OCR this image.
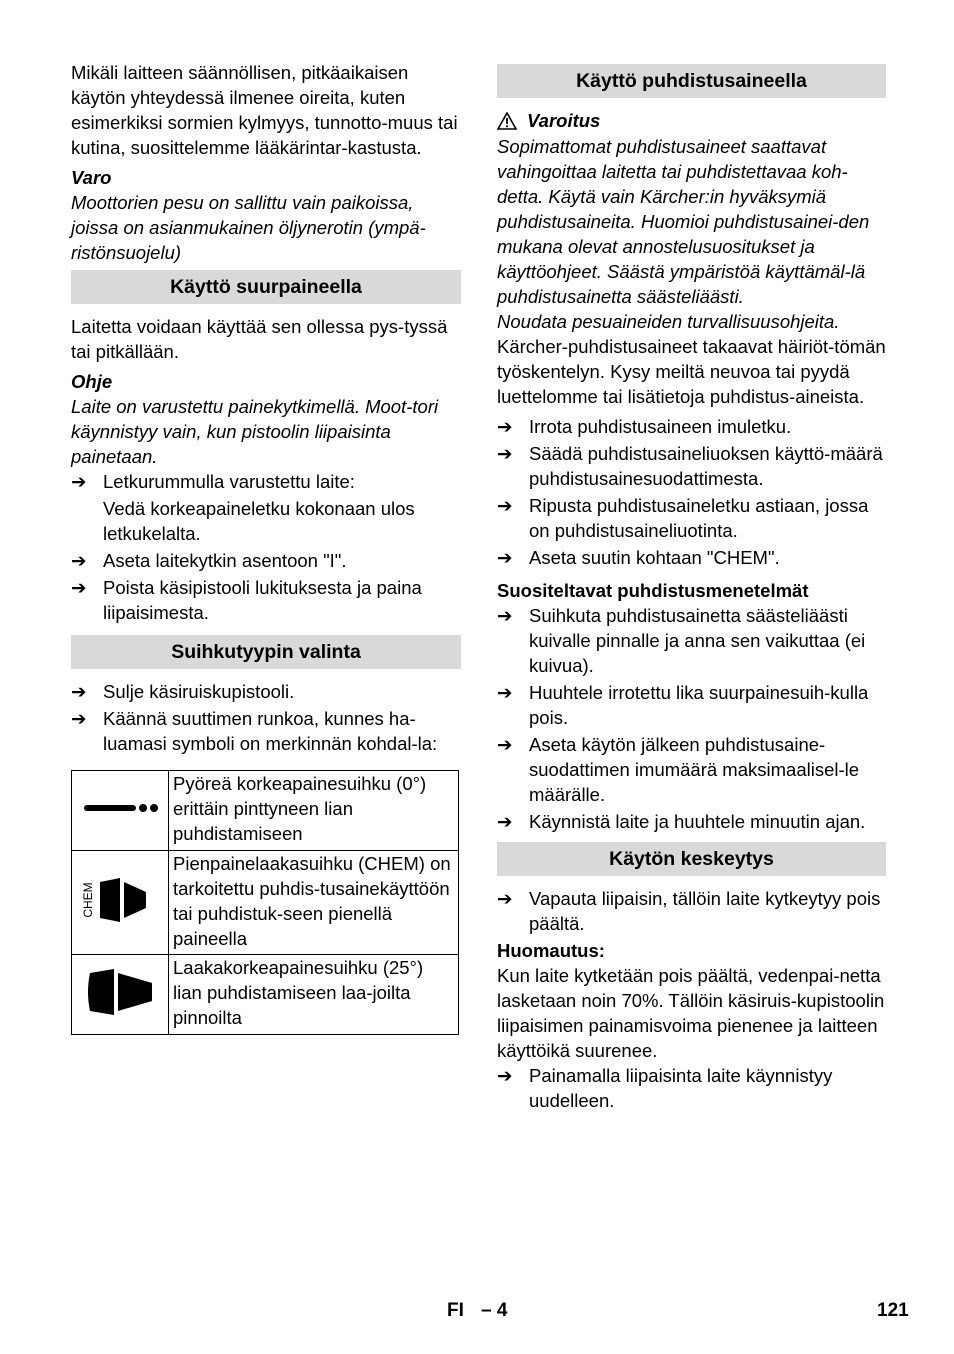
Mikäli laitteen säännöllisen, pitkäaikaisen käytön yhteydessä ilmenee oireita, kuten esimerkiksi sormien kylmyys, tunnotto-muus tai kutina, suosittelemme lääkärintar-kastusta.

Varo

Moottorien pesu on sallittu vain paikoissa, joissa on asianmukainen öljynerotin (ympä-ristönsuojelu)

Käyttö suurpaineella

Laitetta voidaan käyttää sen ollessa pys-tyssä tai pitkällään.

Ohje

Laite on varustettu painekytkimellä. Moot-tori käynnistyy vain, kun pistoolin liipaisinta painetaan.

➔ Letkurummulla varustettu laite:
Vedä korkeapaineletku kokonaan ulos letkukelalta.
➔ Aseta laitekytkin asentoon "I".
➔ Poista käsipistooli lukituksesta ja paina liipaisimesta.
Suihkutyypin valinta
➔ Sulje käsiruiskupistooli.
➔ Käännä suuttimen runkoa, kunnes ha-luamasi symboli on merkinnän kohdal-la:
	Pyöreä korkeapainesuihku (0°) erittäin pinttyneen lian puhdistamiseen

CHEM	Pienpainelaakasuihku (CHEM) on tarkoitettu puhdis-tusainekäyttöön tai puhdistuk-seen pienellä paineella
	Laakakorkeapainesuihku (25°) lian puhdistamiseen laa-joilta pinnoilta
Käyttö puhdistusaineella
Varoitus

Sopimattomat puhdistusaineet saattavat vahingoittaa laitetta tai puhdistettavaa koh-detta. Käytä vain Kärcher:in hyväksymiä puhdistusaineita. Huomioi puhdistusainei-den mukana olevat annostelusuositukset ja käyttöohjeet. Säästä ympäristöä käyttämäl-lä puhdistusainetta säästeliäästi.

Noudata pesuaineiden turvallisuusohjeita.

Kärcher-puhdistusaineet takaavat häiriöt-tömän työskentelyn. Kysy meiltä neuvoa tai pyydä luettelomme tai lisätietoja puhdistus-aineista.

➔ Irrota puhdistusaineen imuletku.
➔ Säädä puhdistusaineliuoksen käyttö-määrä puhdistusainesuodattimesta.
➔ Ripusta puhdistusaineletku astiaan, jossa on puhdistusaineliuotinta.
➔ Aseta suutin kohtaan "CHEM".

Suositeltavat puhdistusmenetelmät

➔ Suihkuta puhdistusainetta säästeliäästi kuivalle pinnalle ja anna sen vaikuttaa (ei kuivua).
➔ Huuhtele irrotettu lika suurpainesuih-kulla pois.
➔ Aseta käytön jälkeen puhdistusaine-suodattimen imumäärä maksimaalisel-le määrälle.
➔ Käynnistä laite ja huuhtele minuutin ajan.
Käytön keskeytys
➔ Vapauta liipaisin, tällöin laite kytkeytyy pois päältä.

Huomautus:

Kun laite kytketään pois päältä, vedenpai-netta lasketaan noin 70%. Tällöin käsiruis-kupistoolin liipaisimen painamisvoima pienenee ja laitteen käyttöikä suurenee.

➔ Painamalla liipaisinta laite käynnistyy uudelleen.
FI – 4	121
